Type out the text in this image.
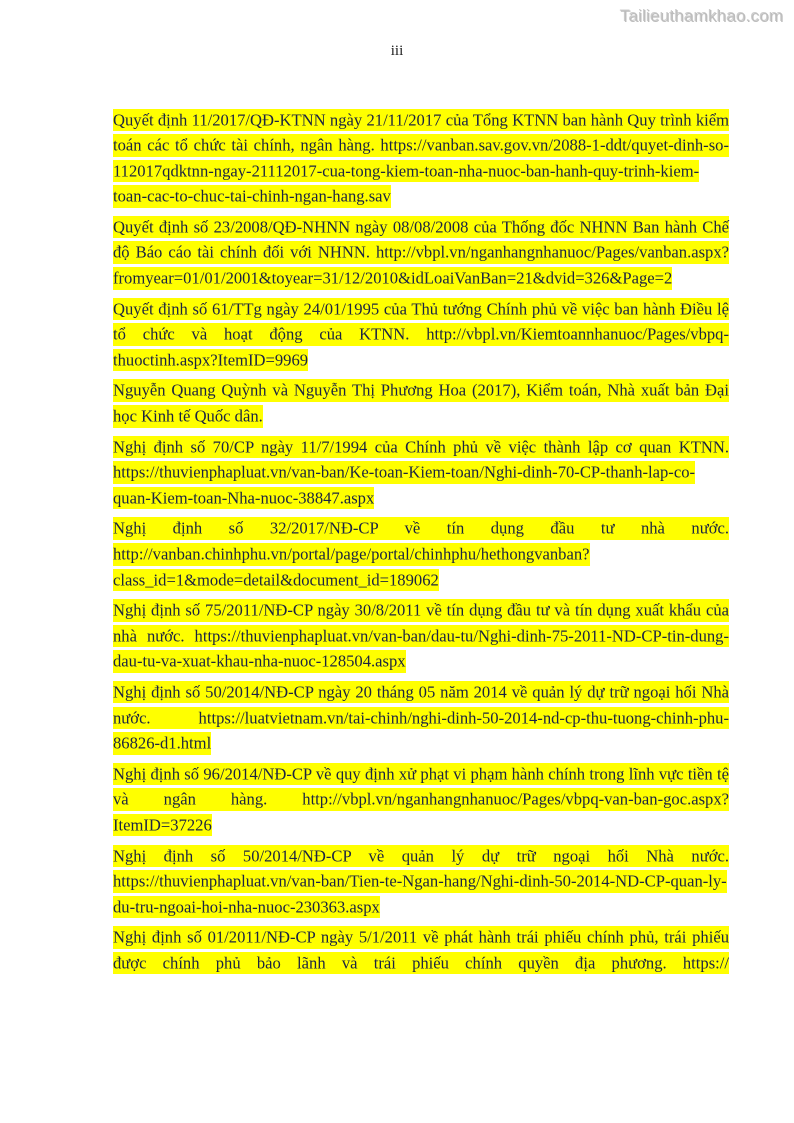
Tailieuthamkhao.com
iii

Quyết định 11/2017/QĐ-KTNN ngày 21/11/2017 của Tổng KTNN ban hành Quy trình kiểm toán các tổ chức tài chính, ngân hàng. https://vanban.sav.gov.vn/2088-1-ddt/quyet-dinh-so-112017qdktnn-ngay-21112017-cua-tong-kiem-toan-nha-nuoc-ban-hanh-quy-trinh-kiem-toan-cac-to-chuc-tai-chinh-ngan-hang.sav

Quyết định số 23/2008/QĐ-NHNN ngày 08/08/2008 của Thống đốc NHNN Ban hành Chế độ Báo cáo tài chính đối với NHNN. http://vbpl.vn/nganhangnhanuoc/Pages/vanban.aspx?fromyear=01/01/2001&toyear=31/12/2010&idLoaiVanBan=21&dvid=326&Page=2

Quyết định số 61/TTg ngày 24/01/1995 của Thủ tướng Chính phủ về việc ban hành Điều lệ tổ chức và hoạt động của KTNN. http://vbpl.vn/Kiemtoannhanuoc/Pages/vbpq-thuoctinh.aspx?ItemID=9969

Nguyễn Quang Quỳnh và Nguyễn Thị Phương Hoa (2017), Kiểm toán, Nhà xuất bản Đại học Kinh tế Quốc dân.

Nghị định số 70/CP ngày 11/7/1994 của Chính phủ về việc thành lập cơ quan KTNN. https://thuvienphapluat.vn/van-ban/Ke-toan-Kiem-toan/Nghi-dinh-70-CP-thanh-lap-co-quan-Kiem-toan-Nha-nuoc-38847.aspx

Nghị định số 32/2017/NĐ-CP về tín dụng đầu tư nhà nước. http://vanban.chinhphu.vn/portal/page/portal/chinhphu/hethongvanban?class_id=1&mode=detail&document_id=189062

Nghị định số 75/2011/NĐ-CP ngày 30/8/2011 về tín dụng đầu tư và tín dụng xuất khẩu của nhà nước. https://thuvienphapluat.vn/van-ban/dau-tu/Nghi-dinh-75-2011-ND-CP-tin-dung-dau-tu-va-xuat-khau-nha-nuoc-128504.aspx

Nghị định số 50/2014/NĐ-CP ngày 20 tháng 05 năm 2014 về quản lý dự trữ ngoại hối Nhà nước. https://luatvietnam.vn/tai-chinh/nghi-dinh-50-2014-nd-cp-thu-tuong-chinh-phu-86826-d1.html

Nghị định số 96/2014/NĐ-CP về quy định xử phạt vi phạm hành chính trong lĩnh vực tiền tệ và ngân hàng. http://vbpl.vn/nganhangnhanuoc/Pages/vbpq-van-ban-goc.aspx?ItemID=37226

Nghị định số 50/2014/NĐ-CP về quản lý dự trữ ngoại hối Nhà nước. https://thuvienphapluat.vn/van-ban/Tien-te-Ngan-hang/Nghi-dinh-50-2014-ND-CP-quan-ly-du-tru-ngoai-hoi-nha-nuoc-230363.aspx

Nghị định số 01/2011/NĐ-CP ngày 5/1/2011 về phát hành trái phiếu chính phủ, trái phiếu được chính phủ bảo lãnh và trái phiếu chính quyền địa phương. https://
